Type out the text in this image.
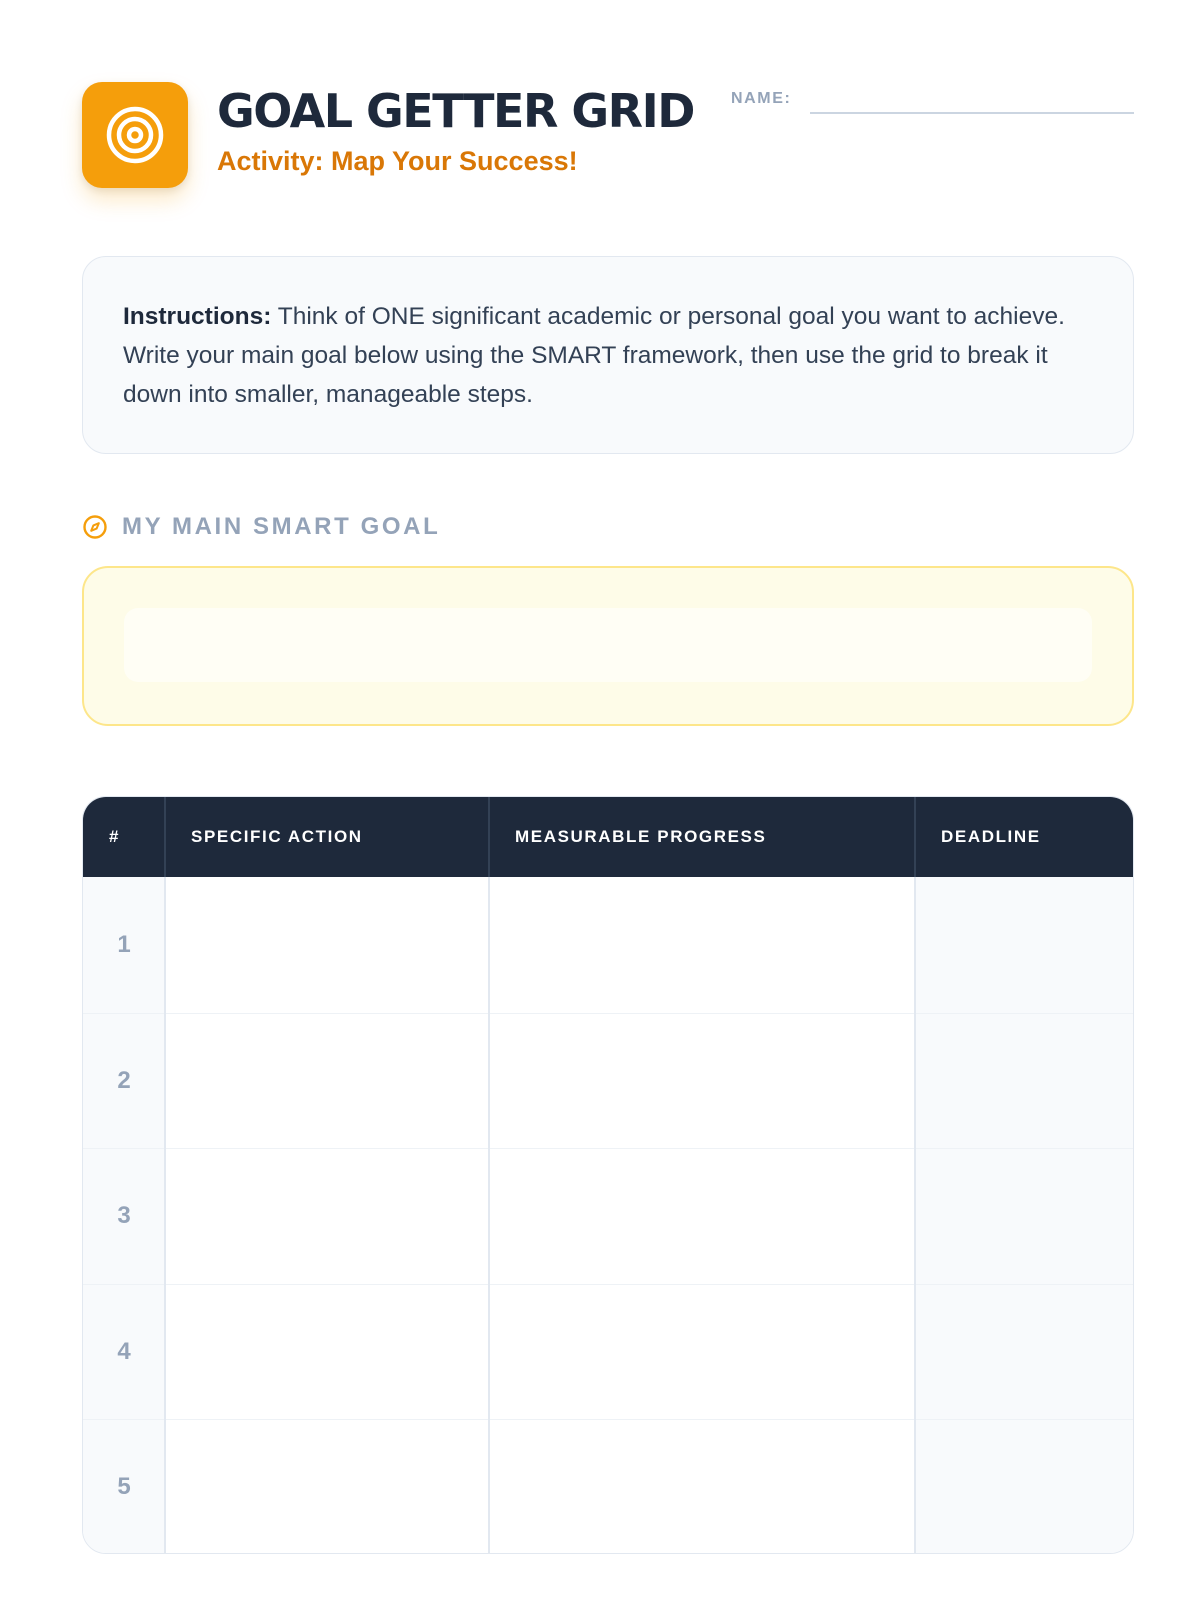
GOAL GETTER GRID
Activity: Map Your Success!
NAME:
Instructions: Think of ONE significant academic or personal goal you want to achieve. Write your main goal below using the SMART framework, then use the grid to break it down into smaller, manageable steps.
MY MAIN SMART GOAL
#	SPECIFIC ACTION	MEASURABLE PROGRESS	DEADLINE
1
2
3
4
5
